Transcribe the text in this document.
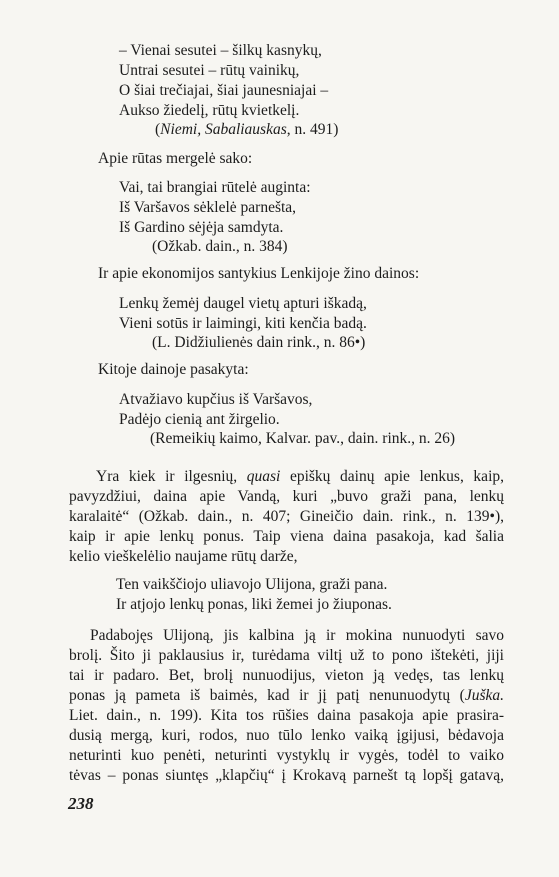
– Vienai sesutei – šilkų kasnykų,
Untrai sesutei – rūtų vainikų,
O šiai trečiajai, šiai jaunesniajai –
Aukso žiedelį, rūtų kvietkelį.
(Niemi, Sabaliauskas, n. 491)
Apie rūtas mergelė sako:
Vai, tai brangiai rūtelė auginta:
Iš Varšavos sėklelė parnešta,
Iš Gardino sėjėja samdyta.
(Ožkab. dain., n. 384)
Ir apie ekonomijos santykius Lenkijoje žino dainos:
Lenkų žemėj daugel vietų apturi iškadą,
Vieni sotūs ir laimingi, kiti kenčia badą.
(L. Didžiulienės dain rink., n. 86•)
Kitoje dainoje pasakyta:
Atvažiavo kupčius iš Varšavos,
Padėjo cienią ant žirgelio.
(Remeikių kaimo, Kalvar. pav., dain. rink., n. 26)
Yra kiek ir ilgesnių, quasi epiškų dainų apie lenkus, kaip,
pavyzdžiui, daina apie Vandą, kuri „buvo graži pana, lenkų
karalaitė“ (Ožkab. dain., n. 407; Gineičio dain. rink., n. 139•),
kaip ir apie lenkų ponus. Taip viena daina pasakoja, kad šalia
kelio vieškelėlio naujame rūtų darže,
Ten vaikščiojo uliavojo Ulijona, graži pana.
Ir atjojo lenkų ponas, liki žemei jo žiuponas.
Padabojęs Ulijoną, jis kalbina ją ir mokina nunuodyti savo
brolį. Šito ji paklausius ir, turėdama viltį už to pono ištekėti, jiji
tai ir padaro. Bet, brolį nunuodijus, vieton ją vedęs, tas lenkų
ponas ją pameta iš baimės, kad ir jį patį nenunuodytų (Juška.
Liet. dain., n. 199). Kita tos rūšies daina pasakoja apie prasira-
dusią mergą, kuri, rodos, nuo tūlo lenko vaiką įgijusi, bėdavoja
neturinti kuo penėti, neturinti vystyklų ir vygės, todėl to vaiko
tėvas – ponas siuntęs „klapčių“ į Krokavą parnešt tą lopšį gatavą,
238
